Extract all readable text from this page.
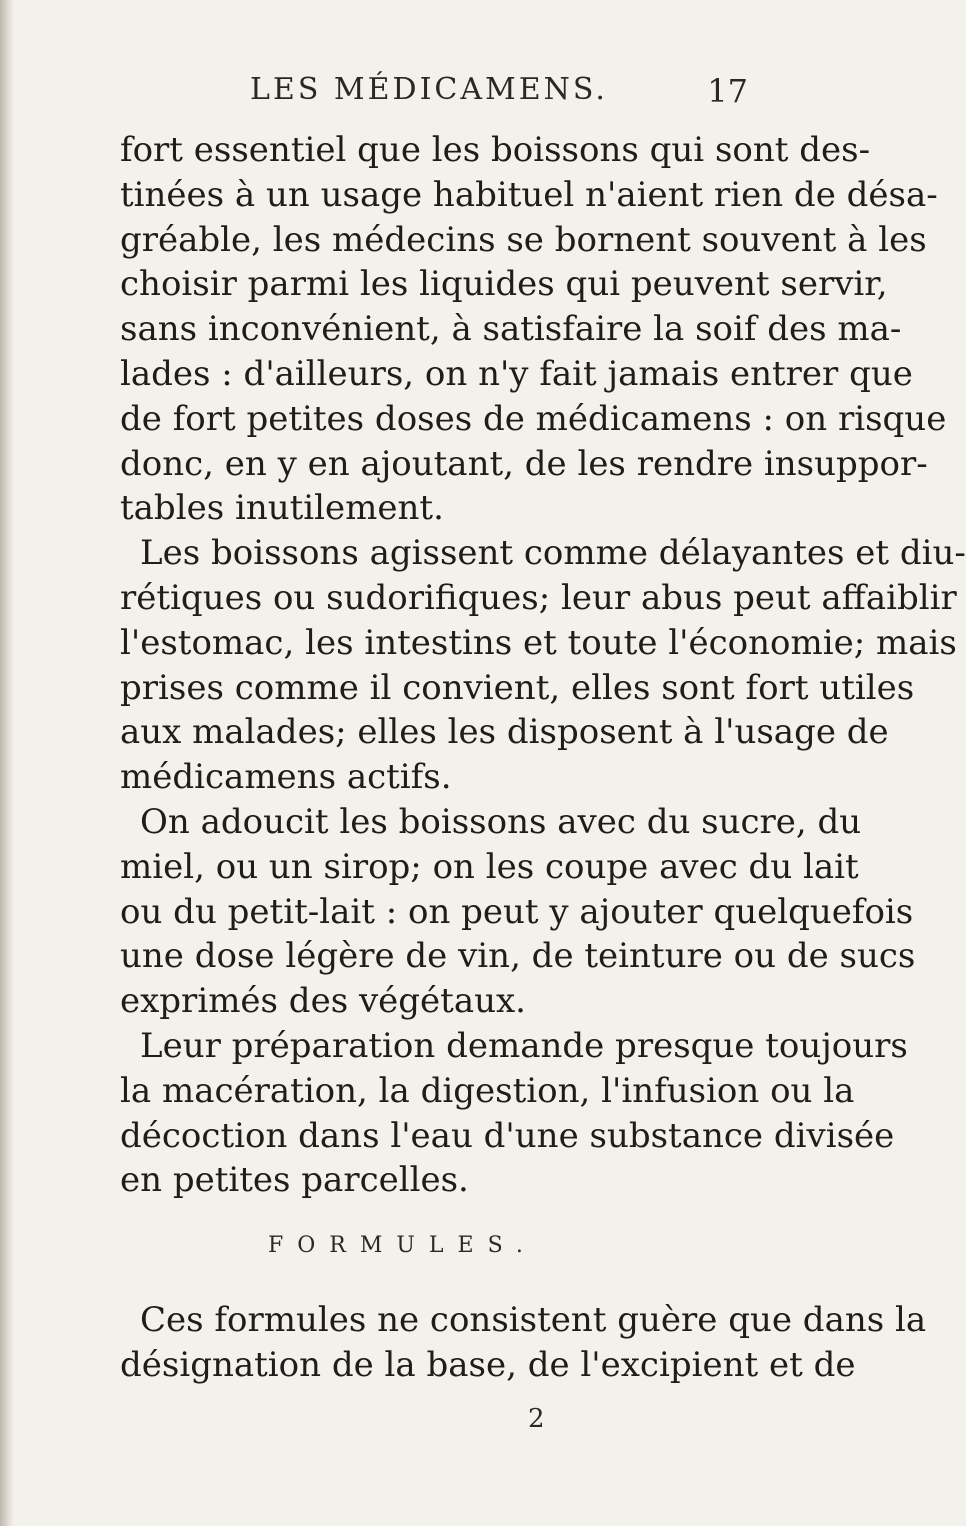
LES MÉDICAMENS.	17
fort essentiel que les boissons qui sont des-
tinées à un usage habituel n'aient rien de désa-
gréable, les médecins se bornent souvent à les
choisir parmi les liquides qui peuvent servir,
sans inconvénient, à satisfaire la soif des ma-
lades : d'ailleurs, on n'y fait jamais entrer que
de fort petites doses de médicamens : on risque
donc, en y en ajoutant, de les rendre insuppor-
tables inutilement.
Les boissons agissent comme délayantes et diu-
rétiques ou sudorifiques; leur abus peut affaiblir
l'estomac, les intestins et toute l'économie; mais
prises comme il convient, elles sont fort utiles
aux malades; elles les disposent à l'usage de
médicamens actifs.
On adoucit les boissons avec du sucre, du
miel, ou un sirop; on les coupe avec du lait
ou du petit-lait : on peut y ajouter quelquefois
une dose légère de vin, de teinture ou de sucs
exprimés des végétaux.
Leur préparation demande presque toujours
la macération, la digestion, l'infusion ou la
décoction dans l'eau d'une substance divisée
en petites parcelles.
FORMULES.
Ces formules ne consistent guère que dans la
désignation de la base, de l'excipient et de
2
